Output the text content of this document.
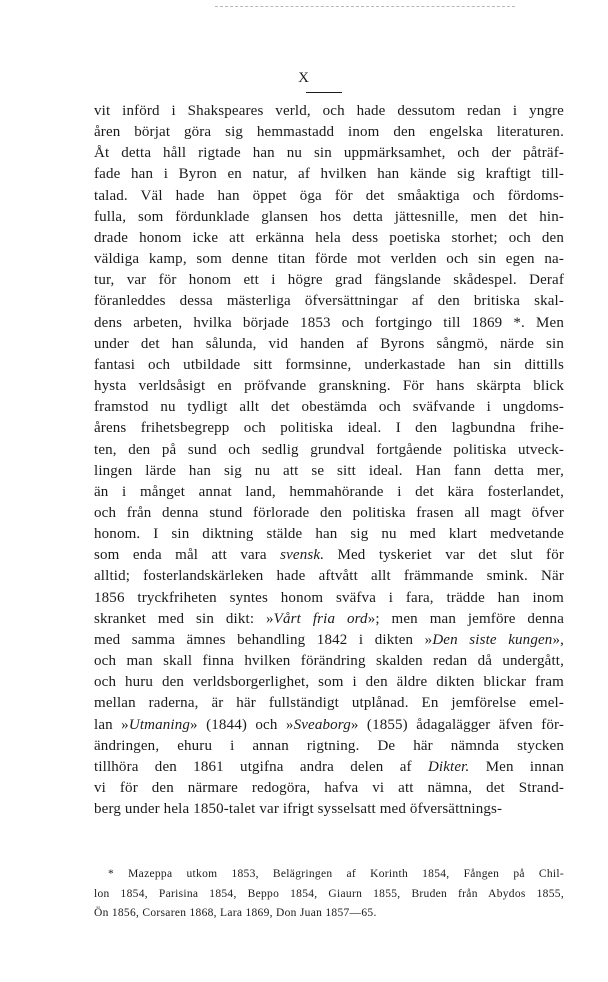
X
vit införd i Shakspeares verld, och hade dessutom redan i yngre
åren börjat göra sig hemmastadd inom den engelska literaturen.
Åt detta håll rigtade han nu sin uppmärksamhet, och der påträf-
fade han i Byron en natur, af hvilken han kände sig kraftigt till-
talad. Väl hade han öppet öga för det småaktiga och fördoms-
fulla, som fördunklade glansen hos detta jättesnille, men det hin-
drade honom icke att erkänna hela dess poetiska storhet; och den
väldiga kamp, som denne titan förde mot verlden och sin egen na-
tur, var för honom ett i högre grad fängslande skådespel. Deraf
föranleddes dessa mästerliga öfversättningar af den britiska skal-
dens arbeten, hvilka började 1853 och fortgingo till 1869 *. Men
under det han sålunda, vid handen af Byrons sångmö, närde sin
fantasi och utbildade sitt formsinne, underkastade han sin dittills
hysta verldsåsigt en pröfvande granskning. För hans skärpta blick
framstod nu tydligt allt det obestämda och sväfvande i ungdoms-
årens frihetsbegrepp och politiska ideal. I den lagbundna frihe-
ten, den på sund och sedlig grundval fortgående politiska utveck-
lingen lärde han sig nu att se sitt ideal. Han fann detta mer,
än i månget annat land, hemmahörande i det kära fosterlandet,
och från denna stund förlorade den politiska frasen all magt öfver
honom. I sin diktning stälde han sig nu med klart medvetande
som enda mål att vara svensk. Med tyskeriet var det slut för
alltid; fosterlandskärleken hade aftvått allt främmande smink. När
1856 tryckfriheten syntes honom sväfva i fara, trädde han inom
skranket med sin dikt: »Vårt fria ord»; men man jemföre denna
med samma ämnes behandling 1842 i dikten »Den siste kungen»,
och man skall finna hvilken förändring skalden redan då undergått,
och huru den verldsborgerlighet, som i den äldre dikten blickar fram
mellan raderna, är här fullständigt utplånad. En jemförelse emel-
lan »Utmaning» (1844) och »Sveaborg» (1855) ådagalägger äfven för-
ändringen, ehuru i annan rigtning. De här nämnda stycken
tillhöra den 1861 utgifna andra delen af Dikter. Men innan
vi för den närmare redogöra, hafva vi att nämna, det Strand-
berg under hela 1850-talet var ifrigt sysselsatt med öfversättnings-
* Mazeppa utkom 1853, Belägringen af Korinth 1854, Fången på Chil-
lon 1854, Parisina 1854, Beppo 1854, Giaurn 1855, Bruden från Abydos 1855,
Ön 1856, Corsaren 1868, Lara 1869, Don Juan 1857—65.
